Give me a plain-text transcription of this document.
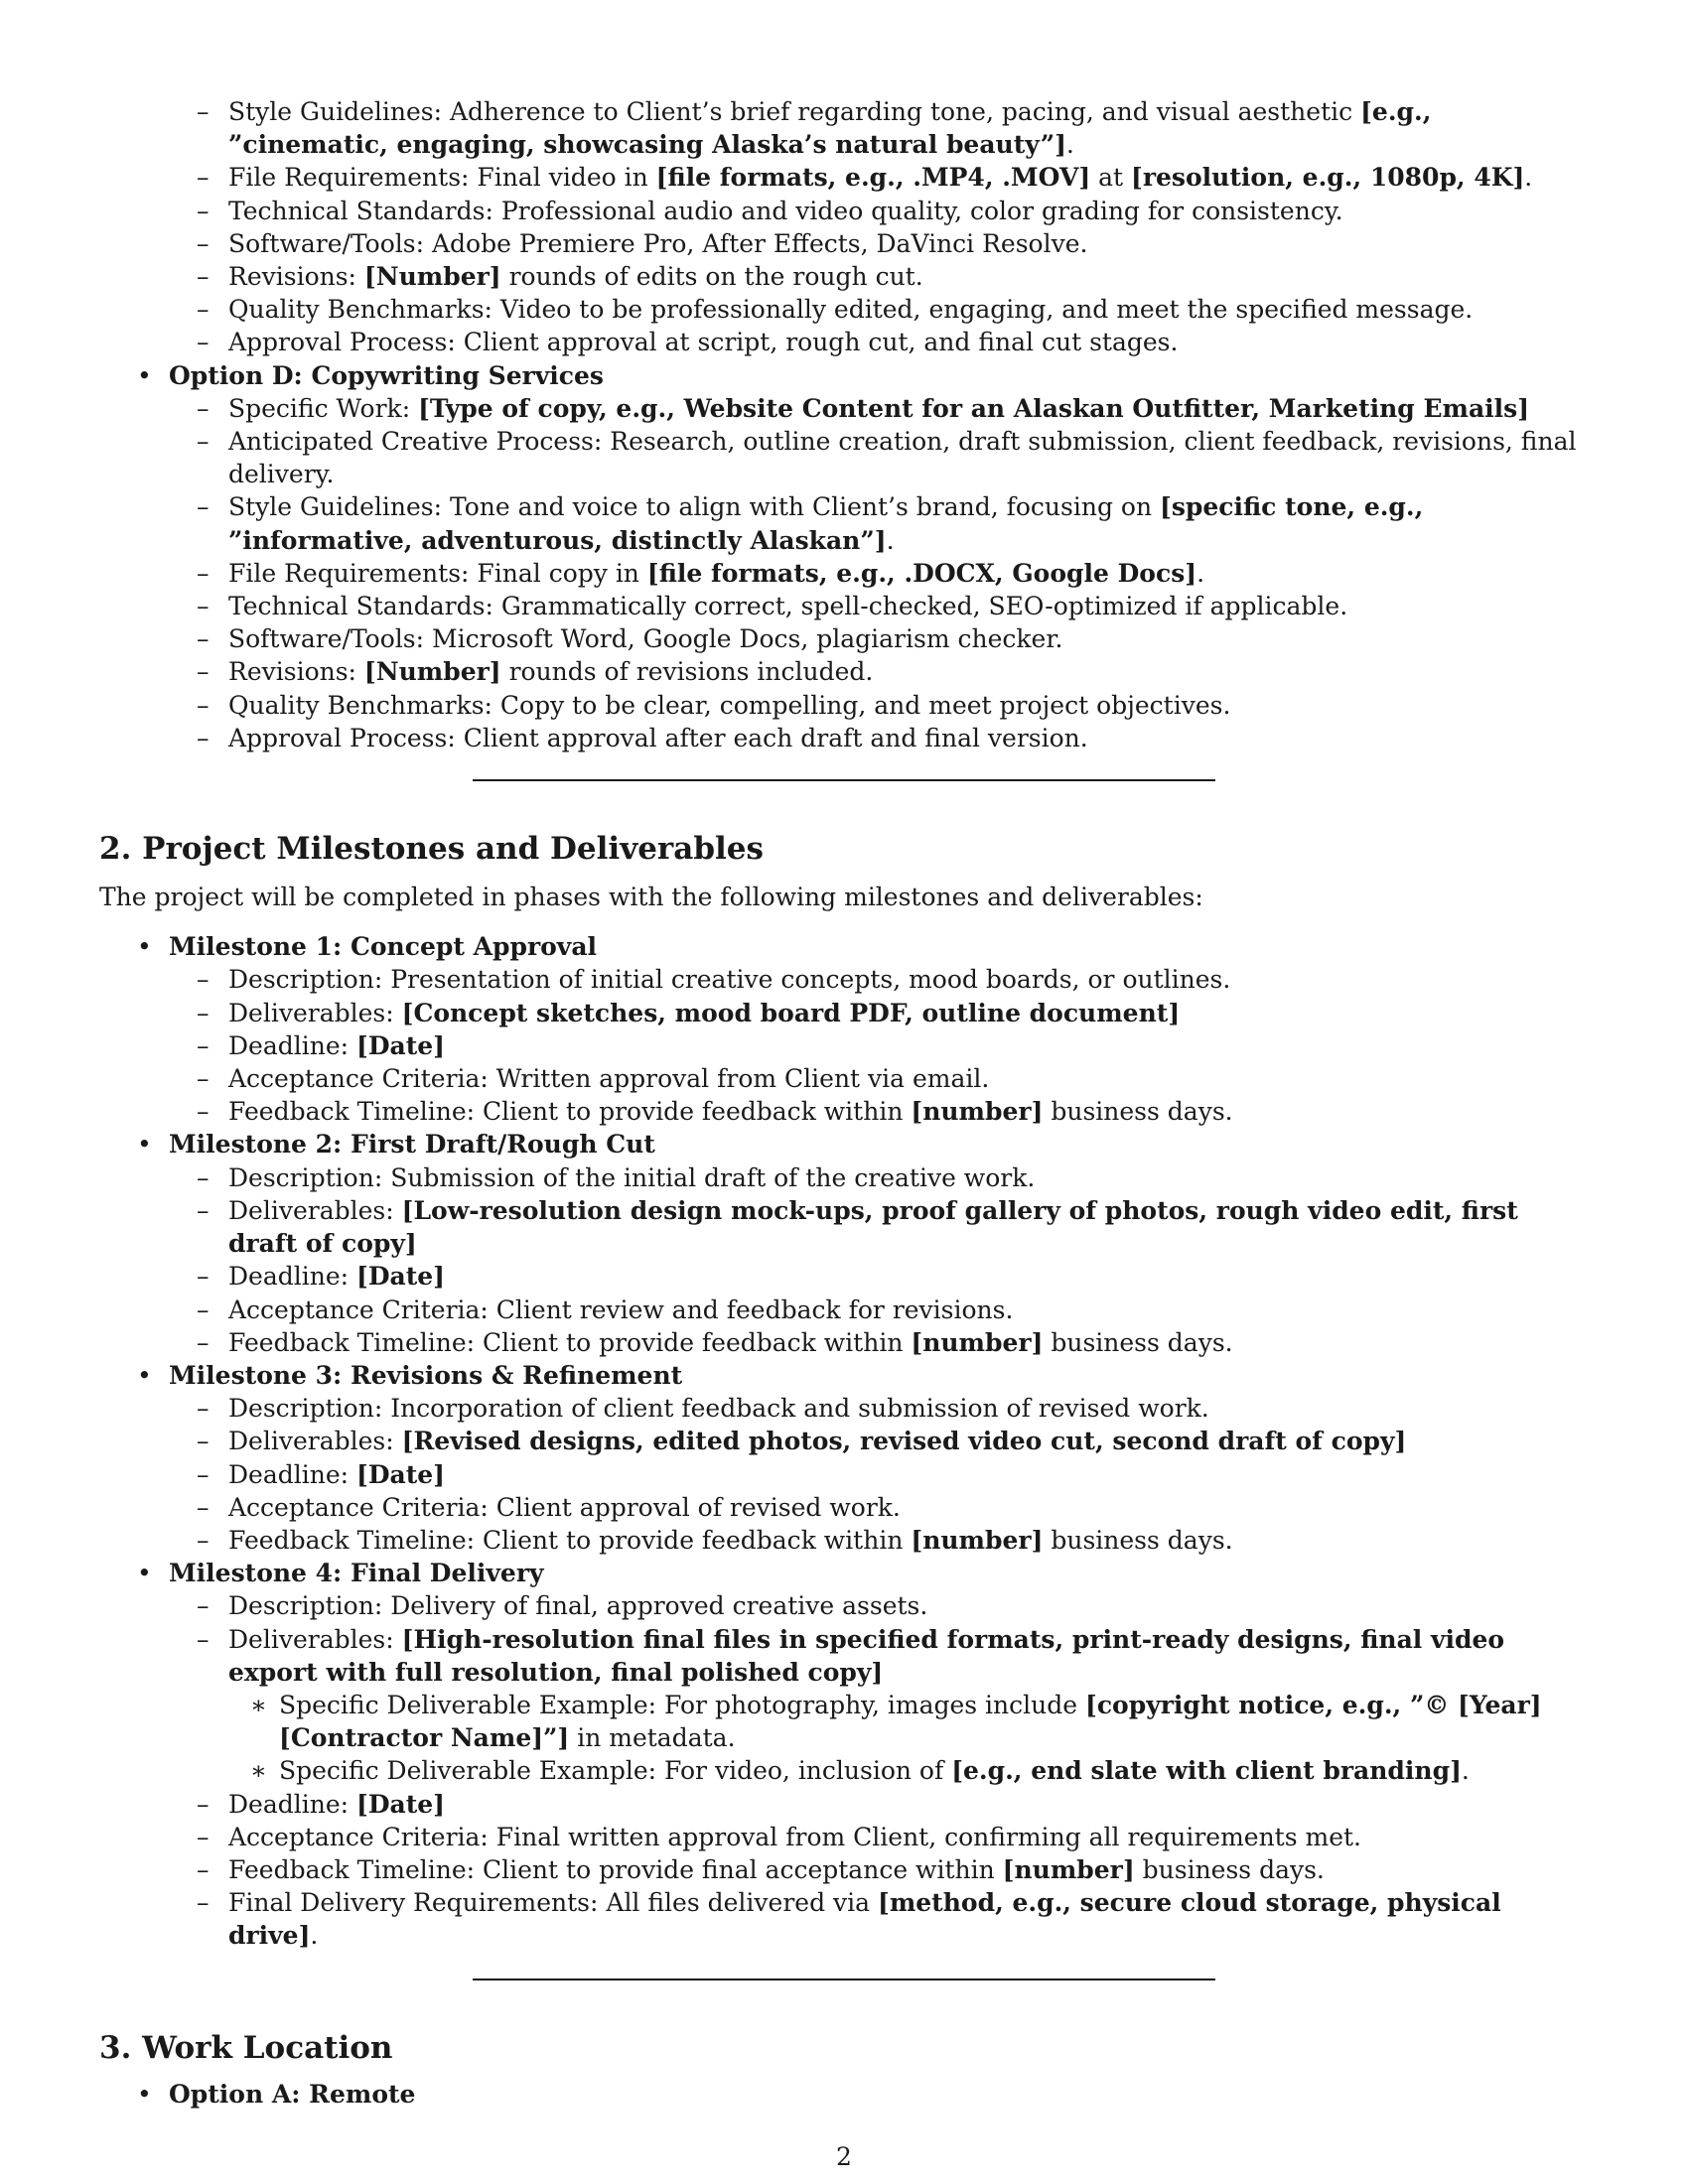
– Style Guidelines: Adherence to Client’s brief regarding tone, pacing, and visual aesthetic [e.g., ”cinematic, engaging, showcasing Alaska’s natural beauty”].
– File Requirements: Final video in [file formats, e.g., .MP4, .MOV] at [resolution, e.g., 1080p, 4K].
– Technical Standards: Professional audio and video quality, color grading for consistency.
– Software/Tools: Adobe Premiere Pro, After Effects, DaVinci Resolve.
– Revisions: [Number] rounds of edits on the rough cut.
– Quality Benchmarks: Video to be professionally edited, engaging, and meet the specified message.
– Approval Process: Client approval at script, rough cut, and final cut stages.
• Option D: Copywriting Services
– Specific Work: [Type of copy, e.g., Website Content for an Alaskan Outfitter, Marketing Emails]
– Anticipated Creative Process: Research, outline creation, draft submission, client feedback, revisions, final delivery.
– Style Guidelines: Tone and voice to align with Client’s brand, focusing on [specific tone, e.g., ”informative, adventurous, distinctly Alaskan”].
– File Requirements: Final copy in [file formats, e.g., .DOCX, Google Docs].
– Technical Standards: Grammatically correct, spell-checked, SEO-optimized if applicable.
– Software/Tools: Microsoft Word, Google Docs, plagiarism checker.
– Revisions: [Number] rounds of revisions included.
– Quality Benchmarks: Copy to be clear, compelling, and meet project objectives.
– Approval Process: Client approval after each draft and final version.
2. Project Milestones and Deliverables

The project will be completed in phases with the following milestones and deliverables:

• Milestone 1: Concept Approval
– Description: Presentation of initial creative concepts, mood boards, or outlines.
– Deliverables: [Concept sketches, mood board PDF, outline document]
– Deadline: [Date]
– Acceptance Criteria: Written approval from Client via email.
– Feedback Timeline: Client to provide feedback within [number] business days.
• Milestone 2: First Draft/Rough Cut
– Description: Submission of the initial draft of the creative work.
– Deliverables: [Low-resolution design mock-ups, proof gallery of photos, rough video edit, first draft of copy]
– Deadline: [Date]
– Acceptance Criteria: Client review and feedback for revisions.
– Feedback Timeline: Client to provide feedback within [number] business days.
• Milestone 3: Revisions & Refinement
– Description: Incorporation of client feedback and submission of revised work.
– Deliverables: [Revised designs, edited photos, revised video cut, second draft of copy]
– Deadline: [Date]
– Acceptance Criteria: Client approval of revised work.
– Feedback Timeline: Client to provide feedback within [number] business days.
• Milestone 4: Final Delivery
– Description: Delivery of final, approved creative assets.
– Deliverables: [High-resolution final files in specified formats, print-ready designs, final video export with full resolution, final polished copy]
∗ Specific Deliverable Example: For photography, images include [copyright notice, e.g., ”© [Year] [Contractor Name]”] in metadata.
∗ Specific Deliverable Example: For video, inclusion of [e.g., end slate with client branding].
– Deadline: [Date]
– Acceptance Criteria: Final written approval from Client, confirming all requirements met.
– Feedback Timeline: Client to provide final acceptance within [number] business days.
– Final Delivery Requirements: All files delivered via [method, e.g., secure cloud storage, physical drive].
3. Work Location
• Option A: Remote
2
